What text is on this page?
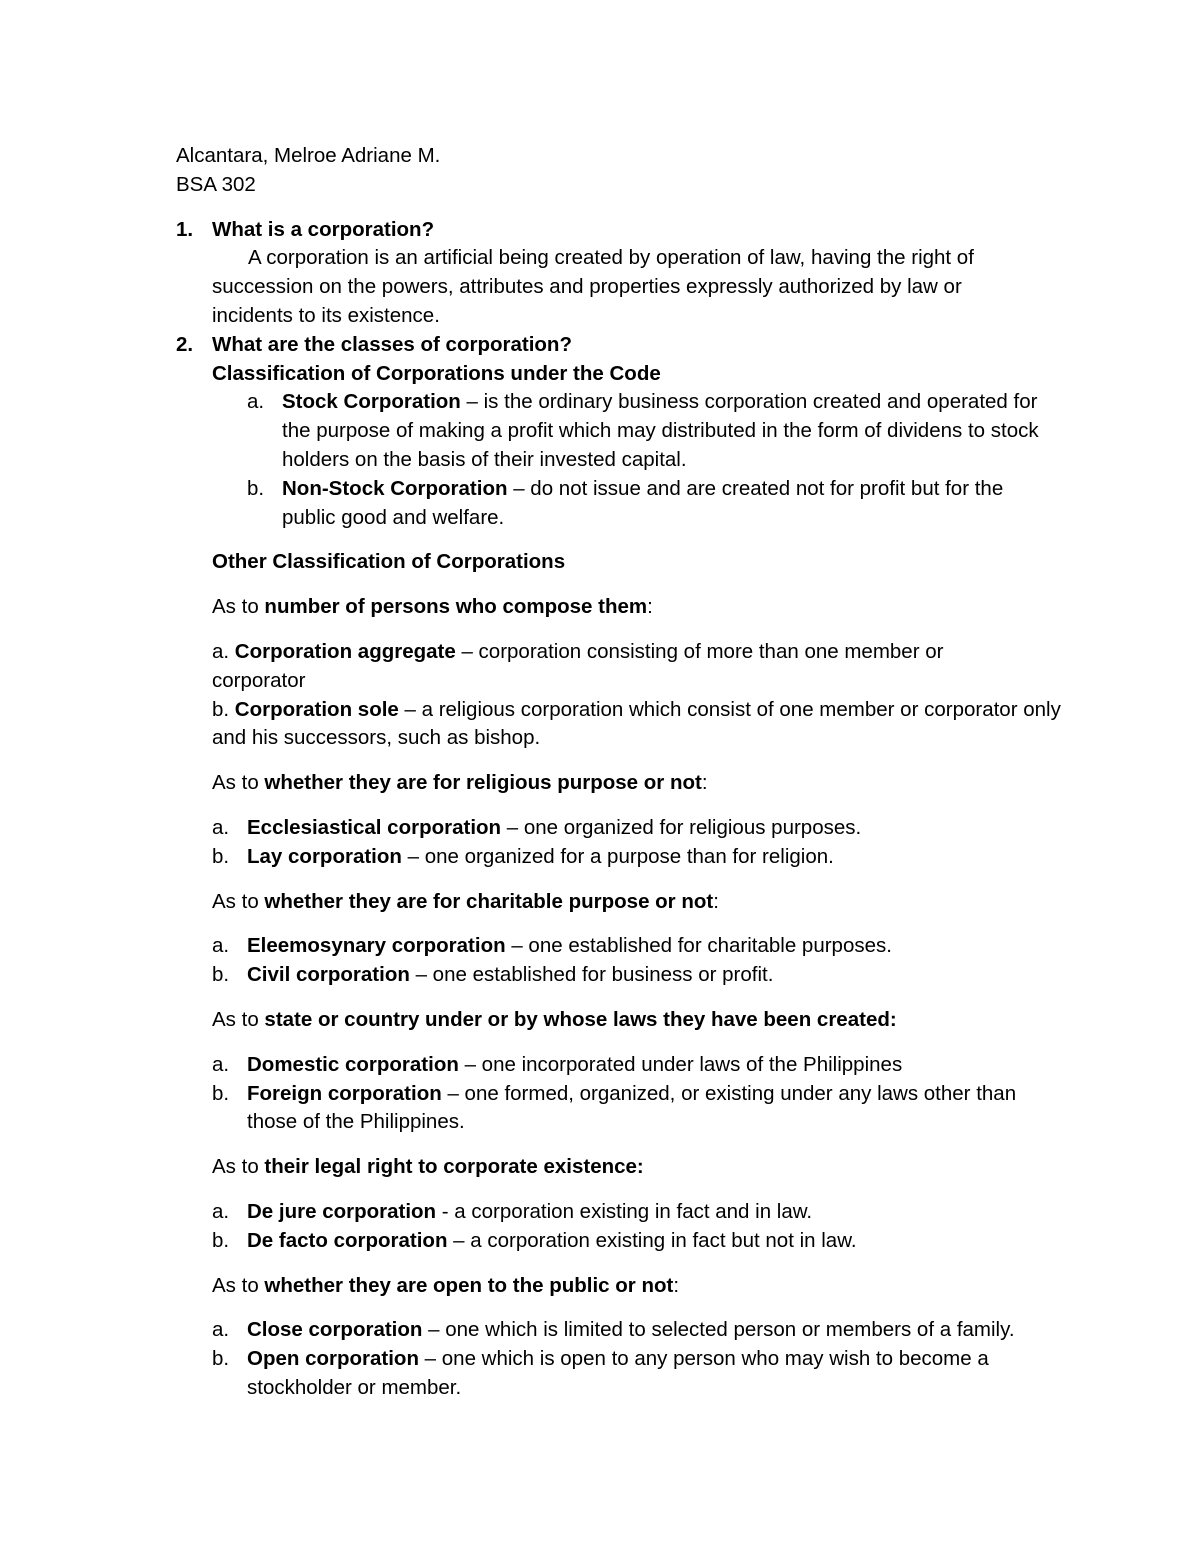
Alcantara, Melroe Adriane M.

BSA 302

1. What is a corporation?

A corporation is an artificial being created by operation of law, having the right of succession on the powers, attributes and properties expressly authorized by law or incidents to its existence.

2. What are the classes of corporation?

Classification of Corporations under the Code

a. Stock Corporation – is the ordinary business corporation created and operated for the purpose of making a profit which may distributed in the form of dividens to stock holders on the basis of their invested capital.
b. Non-Stock Corporation – do not issue and are created not for profit but for the public good and welfare.

Other Classification of Corporations

As to number of persons who compose them:

a. Corporation aggregate – corporation consisting of more than one member or corporator

b. Corporation sole – a religious corporation which consist of one member or corporator only and his successors, such as bishop.

As to whether they are for religious purpose or not:

a. Ecclesiastical corporation – one organized for religious purposes.
b. Lay corporation – one organized for a purpose than for religion.

As to whether they are for charitable purpose or not:

a. Eleemosynary corporation – one established for charitable purposes.
b. Civil corporation – one established for business or profit.

As to state or country under or by whose laws they have been created:

a. Domestic corporation – one incorporated under laws of the Philippines
b. Foreign corporation – one formed, organized, or existing under any laws other than those of the Philippines.

As to their legal right to corporate existence:

a. De jure corporation - a corporation existing in fact and in law.
b. De facto corporation – a corporation existing in fact but not in law.

As to whether they are open to the public or not:

a. Close corporation – one which is limited to selected person or members of a family.
b. Open corporation – one which is open to any person who may wish to become a stockholder or member.
